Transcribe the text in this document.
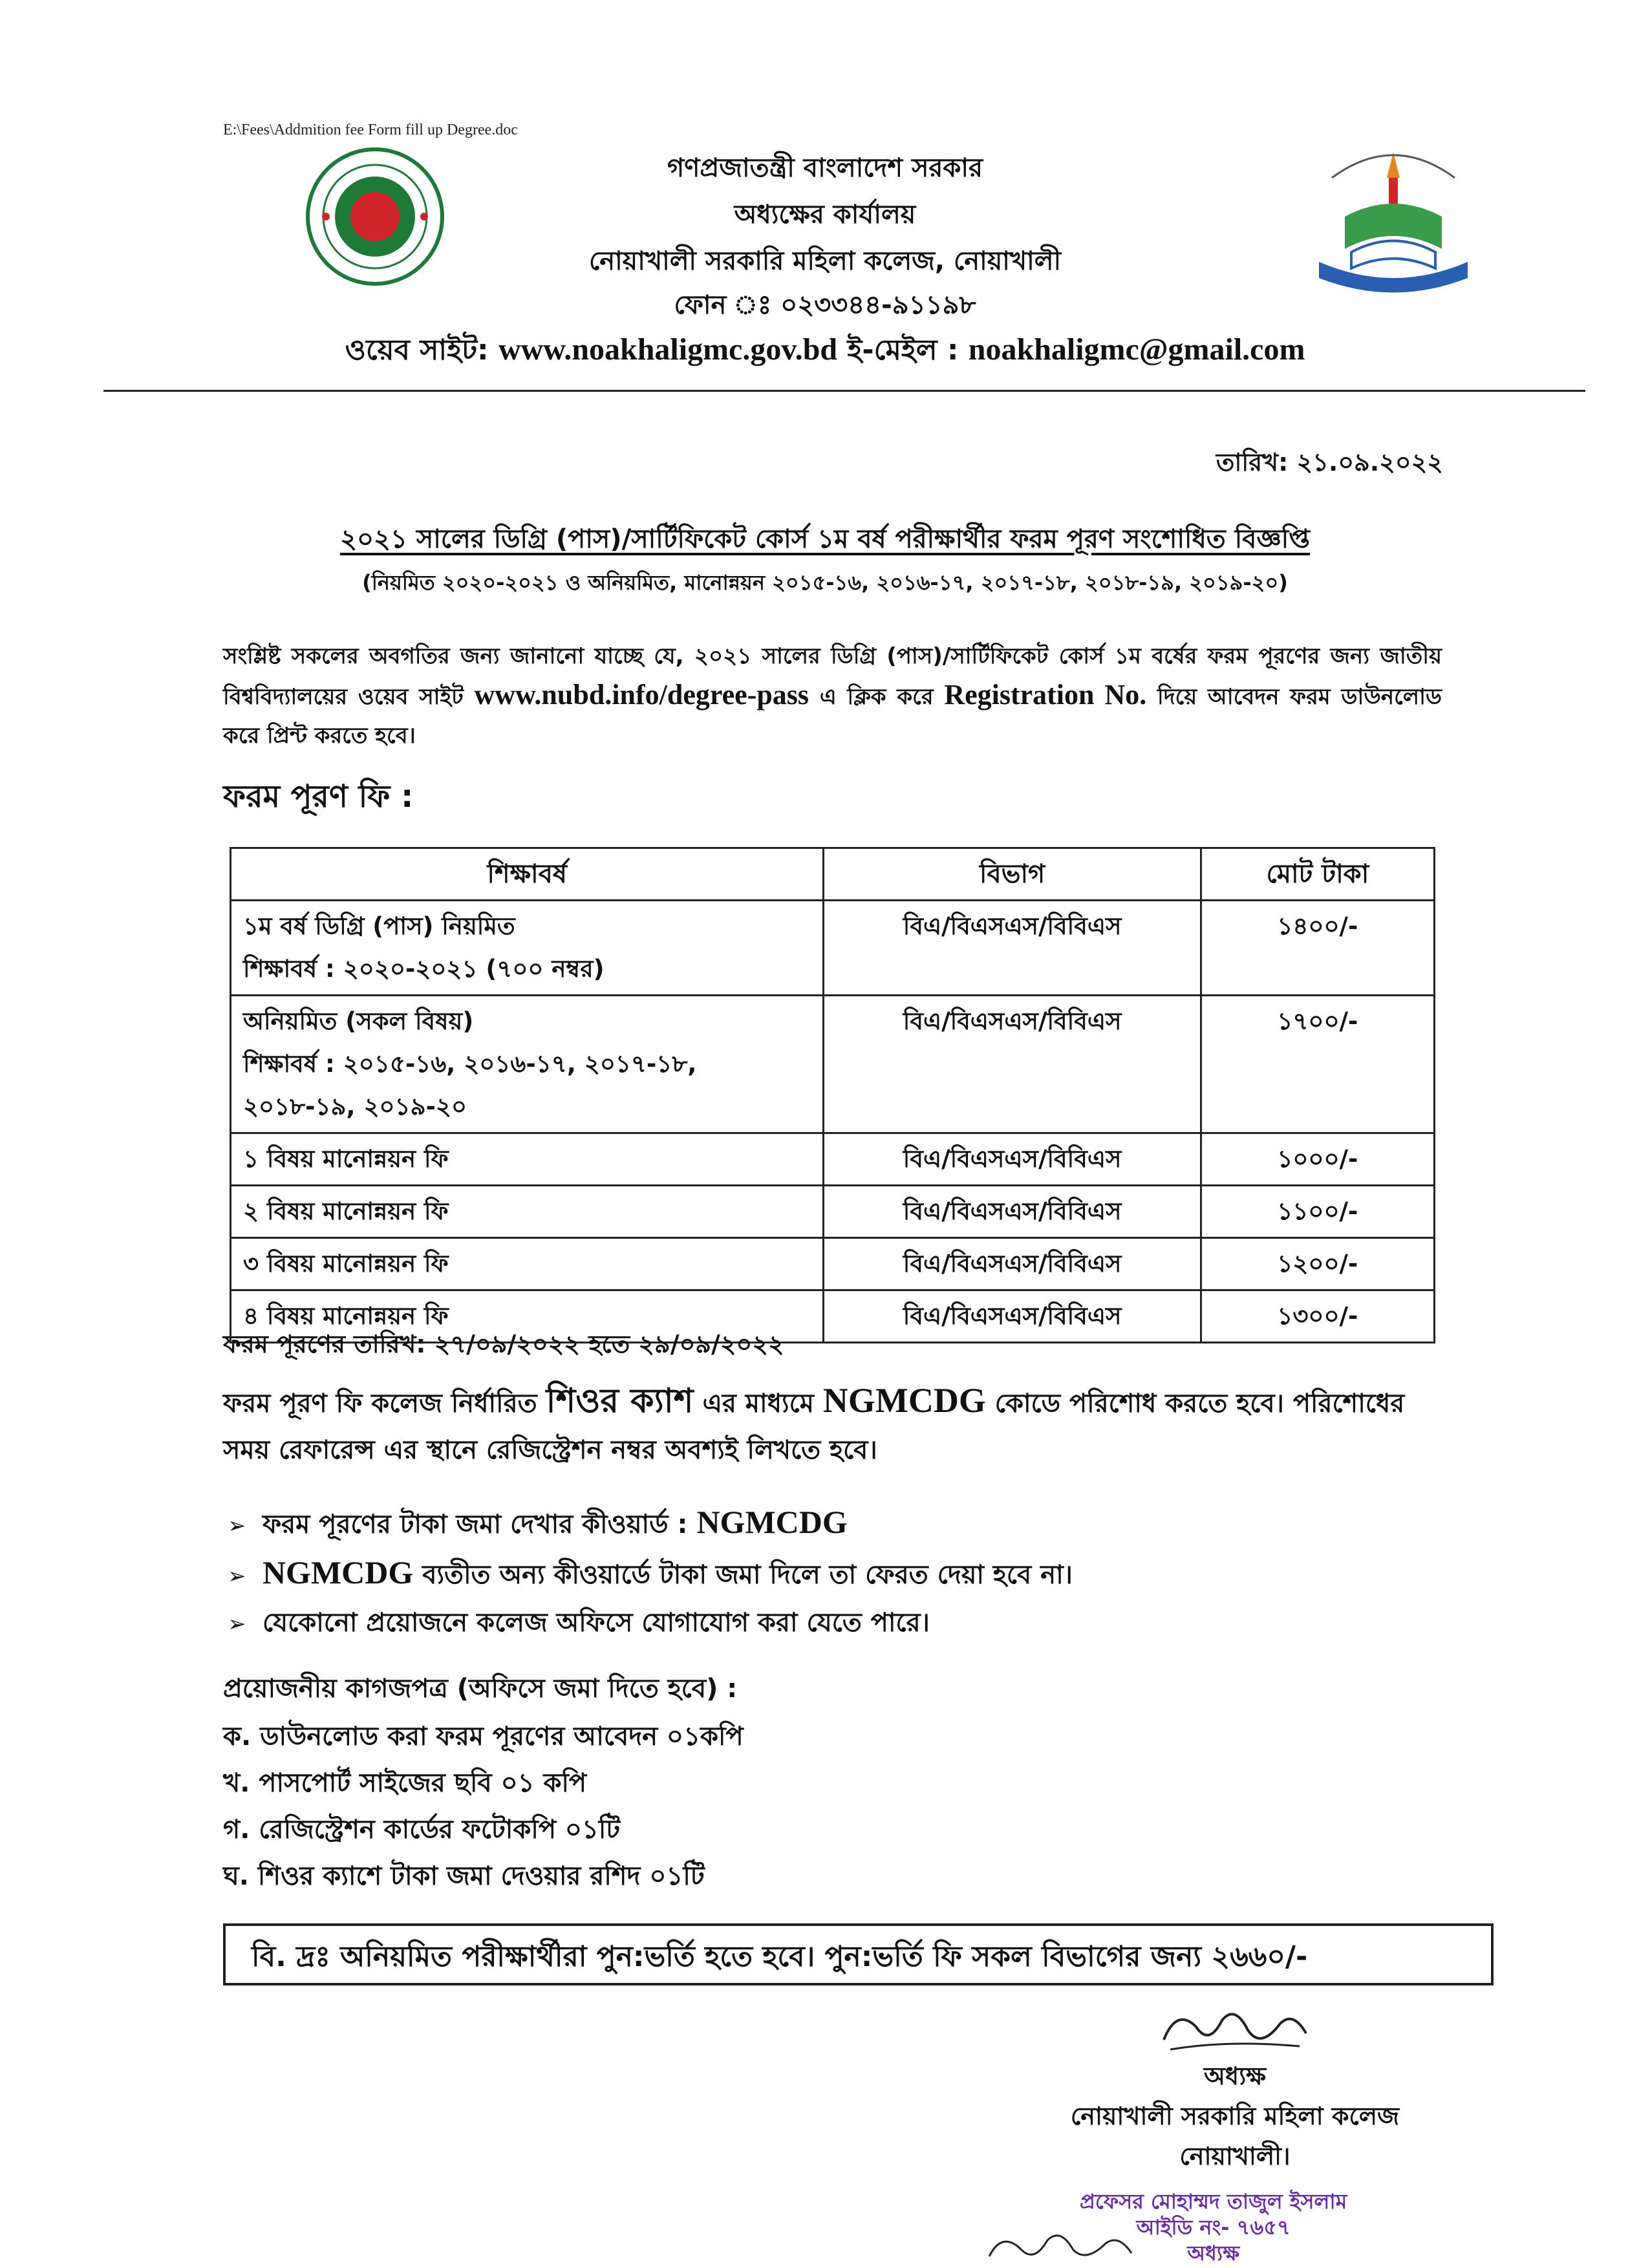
E:\Fees\Addmition fee Form fill up Degree.doc
গণপ্রজাতন্ত্রী বাংলাদেশ সরকার
অধ্যক্ষের কার্যালয়
নোয়াখালী সরকারি মহিলা কলেজ, নোয়াখালী
ফোন ঃ ০২৩৩৪৪-৯১১৯৮
ওয়েব সাইট: www.noakhaligmc.gov.bd ই-মেইল : noakhaligmc@gmail.com
তারিখ: ২১.০৯.২০২২
২০২১ সালের ডিগ্রি (পাস)/সার্টিফিকেট কোর্স ১ম বর্ষ পরীক্ষার্থীর ফরম পূরণ সংশোধিত বিজ্ঞপ্তি
(নিয়মিত ২০২০-২০২১ ও অনিয়মিত, মানোন্নয়ন ২০১৫-১৬, ২০১৬-১৭, ২০১৭-১৮, ২০১৮-১৯, ২০১৯-২০)
সংশ্লিষ্ট সকলের অবগতির জন্য জানানো যাচ্ছে যে, ২০২১ সালের ডিগ্রি (পাস)/সার্টিফিকেট কোর্স ১ম বর্ষের ফরম পূরণের জন্য জাতীয় বিশ্ববিদ্যালয়ের ওয়েব সাইট www.nubd.info/degree-pass এ ক্লিক করে Registration No. দিয়ে আবেদন ফরম ডাউনলোড করে প্রিন্ট করতে হবে।
ফরম পূরণ ফি :
শিক্ষাবর্ষ	বিভাগ	মোট টাকা
১ম বর্ষ ডিগ্রি (পাস) নিয়মিত
শিক্ষাবর্ষ : ২০২০-২০২১ (৭০০ নম্বর)	বিএ/বিএসএস/বিবিএস	১৪০০/-
অনিয়মিত (সকল বিষয়)
শিক্ষাবর্ষ : ২০১৫-১৬, ২০১৬-১৭, ২০১৭-১৮,
২০১৮-১৯, ২০১৯-২০	বিএ/বিএসএস/বিবিএস	১৭০০/-
১ বিষয় মানোন্নয়ন ফি	বিএ/বিএসএস/বিবিএস	১০০০/-
২ বিষয় মানোন্নয়ন ফি	বিএ/বিএসএস/বিবিএস	১১০০/-
৩ বিষয় মানোন্নয়ন ফি	বিএ/বিএসএস/বিবিএস	১২০০/-
৪ বিষয় মানোন্নয়ন ফি	বিএ/বিএসএস/বিবিএস	১৩০০/-
ফরম পূরণের তারিখ: ২৭/০৯/২০২২ হতে ২৯/০৯/২০২২
ফরম পূরণ ফি কলেজ নির্ধারিত শিওর ক্যাশ এর মাধ্যমে NGMCDG কোডে পরিশোধ করতে হবে। পরিশোধের সময় রেফারেন্স এর স্থানে রেজিস্ট্রেশন নম্বর অবশ্যই লিখতে হবে।
➢ ফরম পূরণের টাকা জমা দেখার কীওয়ার্ড : NGMCDG
➢ NGMCDG ব্যতীত অন্য কীওয়ার্ডে টাকা জমা দিলে তা ফেরত দেয়া হবে না।
➢ যেকোনো প্রয়োজনে কলেজ অফিসে যোগাযোগ করা যেতে পারে।
প্রয়োজনীয় কাগজপত্র (অফিসে জমা দিতে হবে) :
ক. ডাউনলোড করা ফরম পূরণের আবেদন ০১কপি
খ. পাসপোর্ট সাইজের ছবি ০১ কপি
গ. রেজিস্ট্রেশন কার্ডের ফটোকপি ০১টি
ঘ. শিওর ক্যাশে টাকা জমা দেওয়ার রশিদ ০১টি
বি. দ্রঃ অনিয়মিত পরীক্ষার্থীরা পুন:ভর্তি হতে হবে। পুন:ভর্তি ফি সকল বিভাগের জন্য ২৬৬০/-
অধ্যক্ষ
নোয়াখালী সরকারি মহিলা কলেজ
নোয়াখালী।
প্রফেসর মোহাম্মদ তাজুল ইসলাম
আইডি নং- ৭৬৫৭
অধ্যক্ষ
